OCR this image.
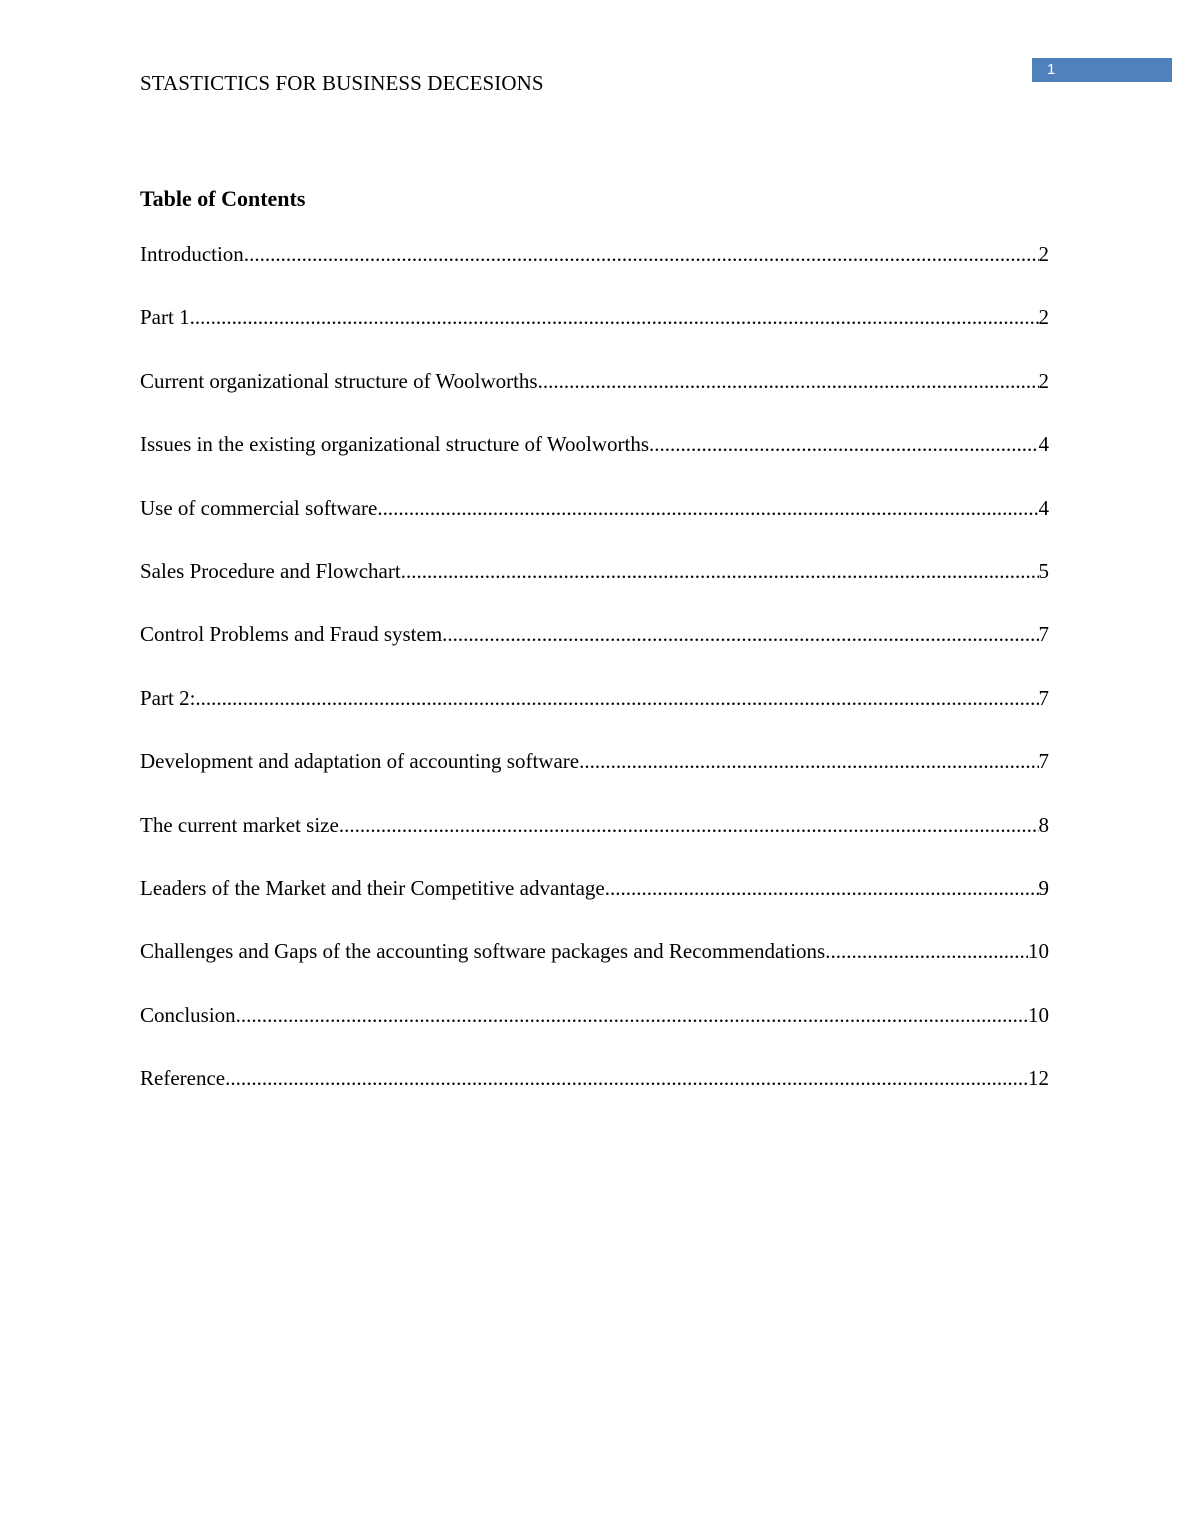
STASTICTICS FOR BUSINESS DECESIONS
1
Table of Contents
Introduction .....	2
Part 1 .....	2
Current organizational structure of Woolworths .....	2
Issues in the existing organizational structure of Woolworths .....	4
Use of commercial software .....	4
Sales Procedure and Flowchart .....	5
Control Problems and Fraud system .....	7
Part 2: .....	7
Development and adaptation of accounting software .....	7
The current market size .....	8
Leaders of the Market and their Competitive advantage .....	9
Challenges and Gaps of the accounting software packages and Recommendations .....	10
Conclusion .....	10
Reference .....	12
